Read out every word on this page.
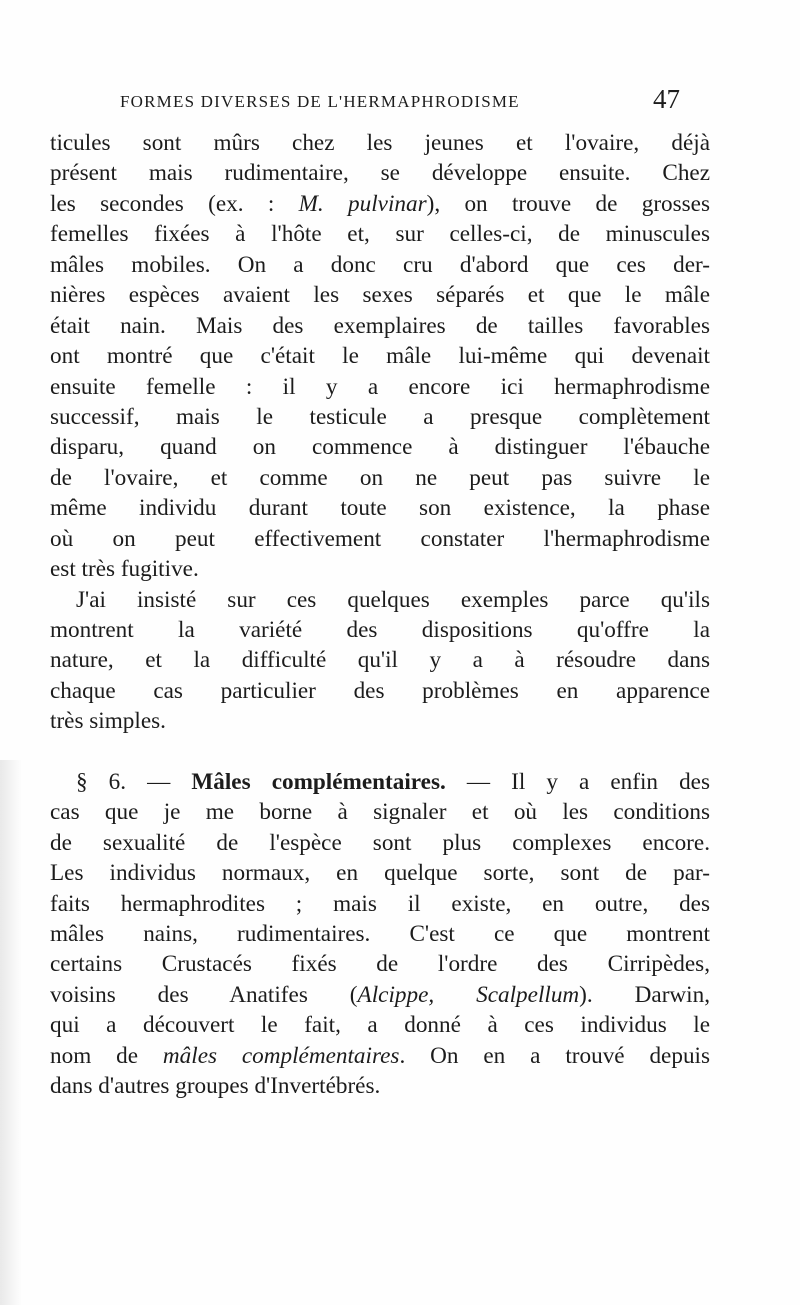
FORMES DIVERSES DE L'HERMAPHRODISME	47
ticules sont mûrs chez les jeunes et l'ovaire, déjà
présent mais rudimentaire, se développe ensuite. Chez
les secondes (ex. : M. pulvinar), on trouve de grosses
femelles fixées à l'hôte et, sur celles-ci, de minuscules
mâles mobiles. On a donc cru d'abord que ces der-
nières espèces avaient les sexes séparés et que le mâle
était nain. Mais des exemplaires de tailles favorables
ont montré que c'était le mâle lui-même qui devenait
ensuite femelle : il y a encore ici hermaphrodisme
successif, mais le testicule a presque complètement
disparu, quand on commence à distinguer l'ébauche
de l'ovaire, et comme on ne peut pas suivre le
même individu durant toute son existence, la phase
où on peut effectivement constater l'hermaphrodisme
est très fugitive.
J'ai insisté sur ces quelques exemples parce qu'ils
montrent la variété des dispositions qu'offre la
nature, et la difficulté qu'il y a à résoudre dans
chaque cas particulier des problèmes en apparence
très simples.
§ 6. — Mâles complémentaires. — Il y a enfin des
cas que je me borne à signaler et où les conditions
de sexualité de l'espèce sont plus complexes encore.
Les individus normaux, en quelque sorte, sont de par-
faits hermaphrodites ; mais il existe, en outre, des
mâles nains, rudimentaires. C'est ce que montrent
certains Crustacés fixés de l'ordre des Cirripèdes,
voisins des Anatifes (Alcippe, Scalpellum). Darwin,
qui a découvert le fait, a donné à ces individus le
nom de mâles complémentaires. On en a trouvé depuis
dans d'autres groupes d'Invertébrés.
